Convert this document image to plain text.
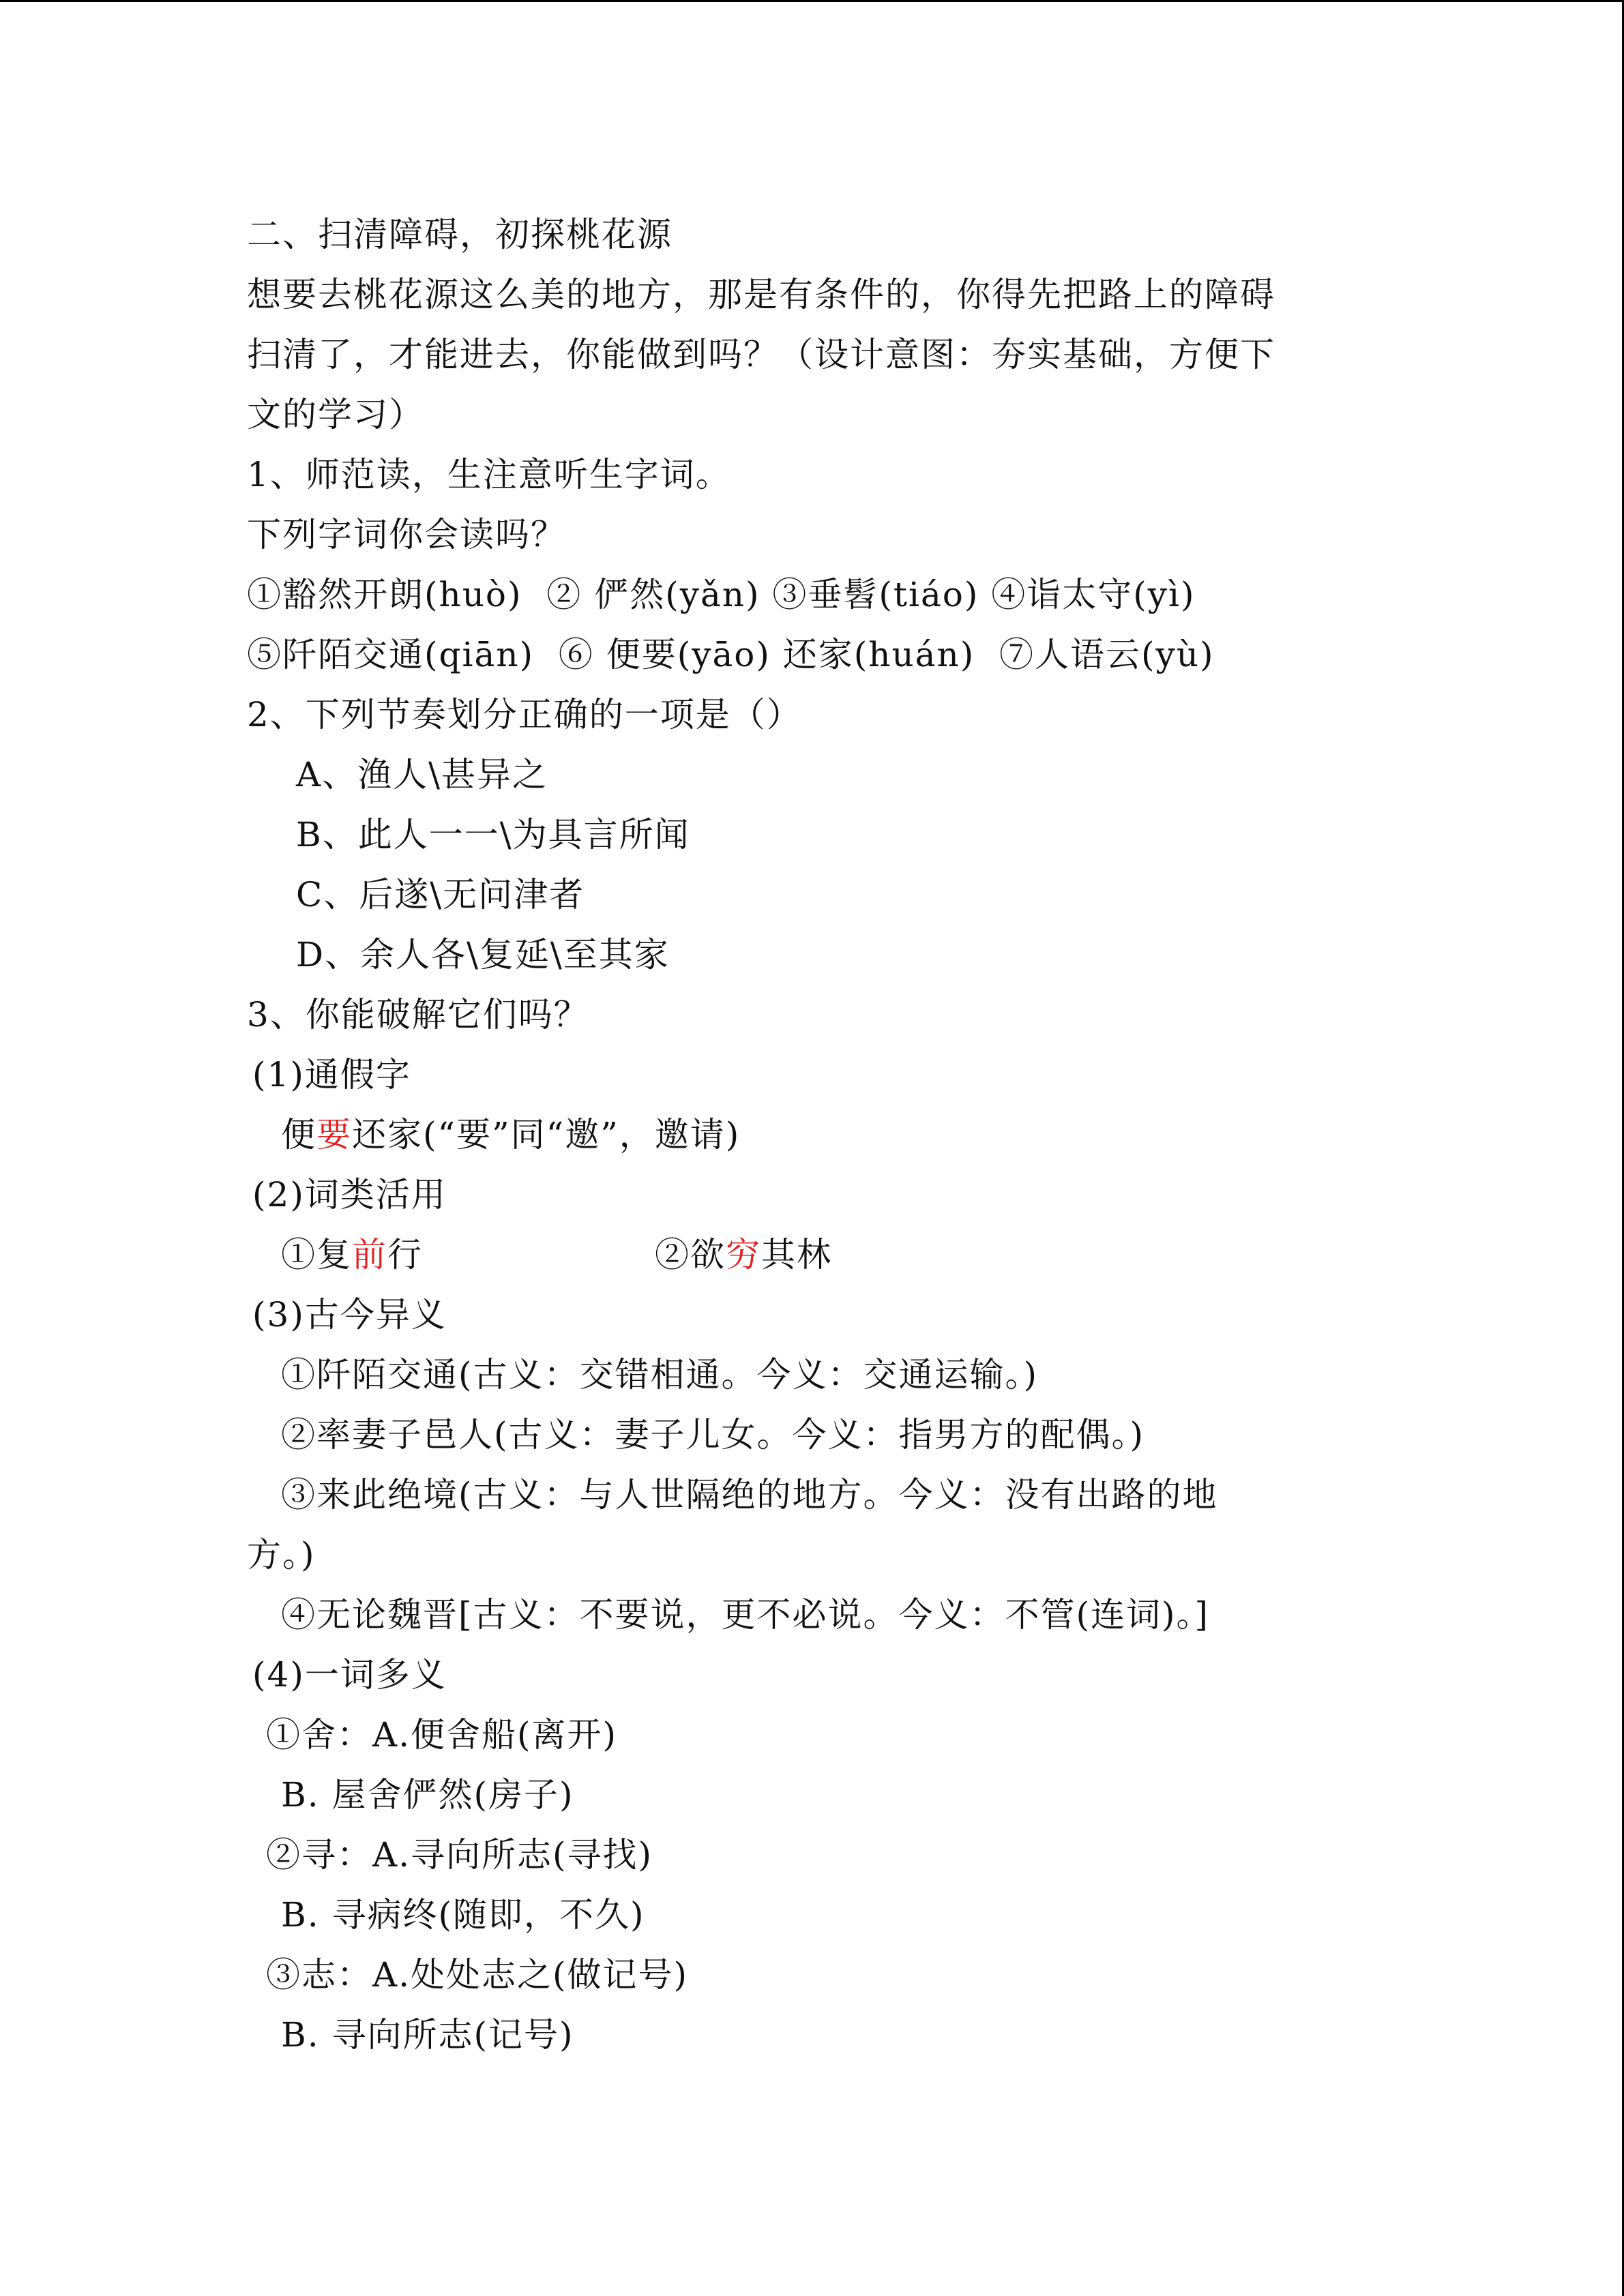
二、扫清障碍，初探桃花源
想要去桃花源这么美的地方，那是有条件的，你得先把路上的障碍
扫清了，才能进去，你能做到吗？（设计意图：夯实基础，方便下
文的学习）
1、师范读，生注意听生字词。
下列字词你会读吗？
①豁然开朗(huò)  ② 俨然(yǎn) ③垂髫(tiáo) ④诣太守(yì)
⑤阡陌交通(qiān)  ⑥ 便要(yāo) 还家(huán)  ⑦人语云(yù)
2、下列节奏划分正确的一项是（）
A、渔人\甚异之
B、此人一一\为具言所闻
C、后遂\无问津者
D、余人各\复延\至其家
3、你能破解它们吗？
(1)通假字
便要还家(“要”同“邀”，邀请)
(2)词类活用
①复前行	②欲穷其林
(3)古今异义
①阡陌交通(古义：交错相通。今义：交通运输。)
②率妻子邑人(古义：妻子儿女。今义：指男方的配偶。)
③来此绝境(古义：与人世隔绝的地方。今义：没有出路的地
方。)
④无论魏晋[古义：不要说，更不必说。今义：不管(连词)。]
(4)一词多义
①舍：A.便舍船(离开)
B. 屋舍俨然(房子)
②寻：A.寻向所志(寻找)
B. 寻病终(随即，不久)
③志：A.处处志之(做记号)
B. 寻向所志(记号)
